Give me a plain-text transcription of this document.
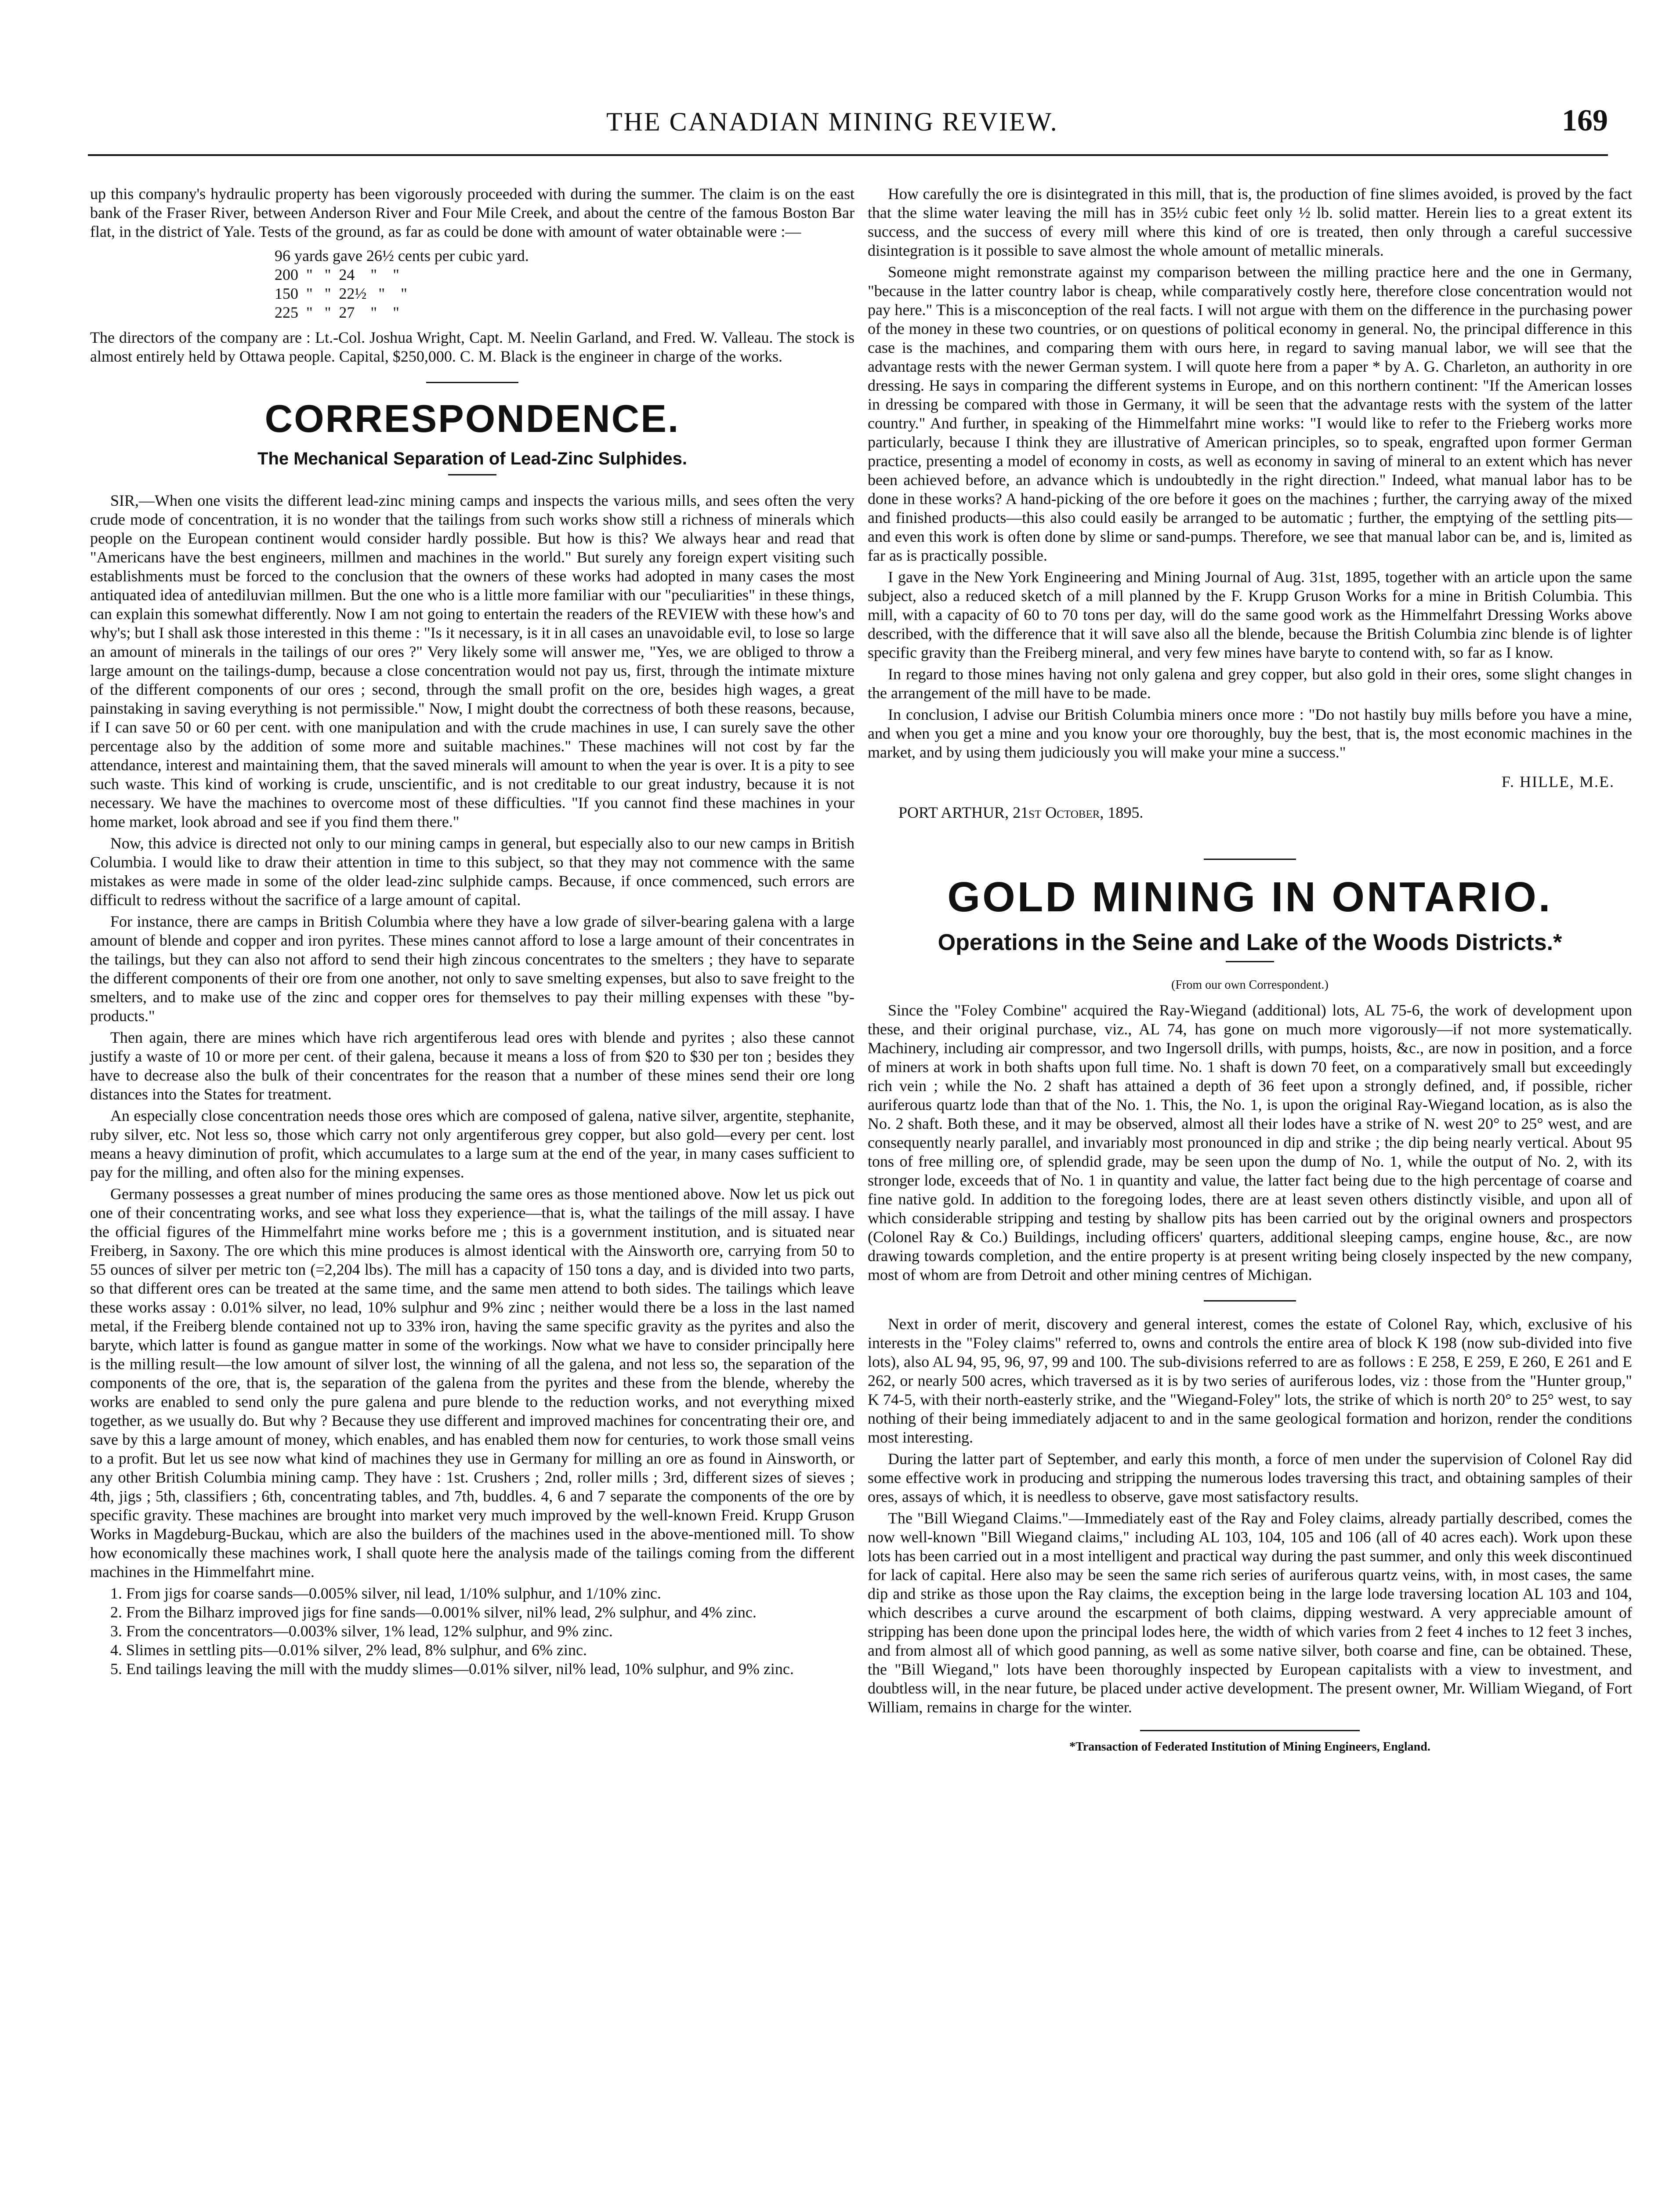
THE CANADIAN MINING REVIEW.	169

up this company's hydraulic property has been vigorously proceeded with during the summer. The claim is on the east bank of the Fraser River, between Anderson River and Four Mile Creek, and about the centre of the famous Boston Bar flat, in the district of Yale. Tests of the ground, as far as could be done with amount of water obtainable were :—

96 yards gave 26½ cents per cubic yard.
200  "   "  24    "    "
150  "   "  22½   "    "
225  "   "  27    "    "

The directors of the company are : Lt.-Col. Joshua Wright, Capt. M. Neelin Garland, and Fred. W. Valleau. The stock is almost entirely held by Ottawa people. Capital, $250,000. C. M. Black is the engineer in charge of the works.

CORRESPONDENCE.
The Mechanical Separation of Lead-Zinc Sulphides.

SIR,—When one visits the different lead-zinc mining camps and inspects the various mills, and sees often the very crude mode of concentration, it is no wonder that the tailings from such works show still a richness of minerals which people on the European continent would consider hardly possible. But how is this? We always hear and read that "Americans have the best engineers, millmen and machines in the world." But surely any foreign expert visiting such establishments must be forced to the conclusion that the owners of these works had adopted in many cases the most antiquated idea of antediluvian millmen. But the one who is a little more familiar with our "peculiarities" in these things, can explain this somewhat differently. Now I am not going to entertain the readers of the REVIEW with these how's and why's; but I shall ask those interested in this theme : "Is it necessary, is it in all cases an unavoidable evil, to lose so large an amount of minerals in the tailings of our ores ?" Very likely some will answer me, "Yes, we are obliged to throw a large amount on the tailings-dump, because a close concentration would not pay us, first, through the intimate mixture of the different components of our ores ; second, through the small profit on the ore, besides high wages, a great painstaking in saving everything is not permissible." Now, I might doubt the correctness of both these reasons, because, if I can save 50 or 60 per cent. with one manipulation and with the crude machines in use, I can surely save the other percentage also by the addition of some more and suitable machines." These machines will not cost by far the attendance, interest and maintaining them, that the saved minerals will amount to when the year is over. It is a pity to see such waste. This kind of working is crude, unscientific, and is not creditable to our great industry, because it is not necessary. We have the machines to overcome most of these difficulties. "If you cannot find these machines in your home market, look abroad and see if you find them there."

Now, this advice is directed not only to our mining camps in general, but especially also to our new camps in British Columbia. I would like to draw their attention in time to this subject, so that they may not commence with the same mistakes as were made in some of the older lead-zinc sulphide camps. Because, if once commenced, such errors are difficult to redress without the sacrifice of a large amount of capital.

For instance, there are camps in British Columbia where they have a low grade of silver-bearing galena with a large amount of blende and copper and iron pyrites. These mines cannot afford to lose a large amount of their concentrates in the tailings, but they can also not afford to send their high zincous concentrates to the smelters ; they have to separate the different components of their ore from one another, not only to save smelting expenses, but also to save freight to the smelters, and to make use of the zinc and copper ores for themselves to pay their milling expenses with these "by-products."

Then again, there are mines which have rich argentiferous lead ores with blende and pyrites ; also these cannot justify a waste of 10 or more per cent. of their galena, because it means a loss of from $20 to $30 per ton ; besides they have to decrease also the bulk of their concentrates for the reason that a number of these mines send their ore long distances into the States for treatment.

An especially close concentration needs those ores which are composed of galena, native silver, argentite, stephanite, ruby silver, etc. Not less so, those which carry not only argentiferous grey copper, but also gold—every per cent. lost means a heavy diminution of profit, which accumulates to a large sum at the end of the year, in many cases sufficient to pay for the milling, and often also for the mining expenses.

Germany possesses a great number of mines producing the same ores as those mentioned above. Now let us pick out one of their concentrating works, and see what loss they experience—that is, what the tailings of the mill assay. I have the official figures of the Himmelfahrt mine works before me ; this is a government institution, and is situated near Freiberg, in Saxony. The ore which this mine produces is almost identical with the Ainsworth ore, carrying from 50 to 55 ounces of silver per metric ton (=2,204 lbs). The mill has a capacity of 150 tons a day, and is divided into two parts, so that different ores can be treated at the same time, and the same men attend to both sides. The tailings which leave these works assay : 0.01% silver, no lead, 10% sulphur and 9% zinc ; neither would there be a loss in the last named metal, if the Freiberg blende contained not up to 33% iron, having the same specific gravity as the pyrites and also the baryte, which latter is found as gangue matter in some of the workings. Now what we have to consider principally here is the milling result—the low amount of silver lost, the winning of all the galena, and not less so, the separation of the components of the ore, that is, the separation of the galena from the pyrites and these from the blende, whereby the works are enabled to send only the pure galena and pure blende to the reduction works, and not everything mixed together, as we usually do. But why ? Because they use different and improved machines for concentrating their ore, and save by this a large amount of money, which enables, and has enabled them now for centuries, to work those small veins to a profit. But let us see now what kind of machines they use in Germany for milling an ore as found in Ainsworth, or any other British Columbia mining camp. They have : 1st. Crushers ; 2nd, roller mills ; 3rd, different sizes of sieves ; 4th, jigs ; 5th, classifiers ; 6th, concentrating tables, and 7th, buddles. 4, 6 and 7 separate the components of the ore by specific gravity. These machines are brought into market very much improved by the well-known Freid. Krupp Gruson Works in Magdeburg-Buckau, which are also the builders of the machines used in the above-mentioned mill. To show how economically these machines work, I shall quote here the analysis made of the tailings coming from the different machines in the Himmelfahrt mine.

1. From jigs for coarse sands—0.005% silver, nil lead, 1/10% sulphur, and 1/10% zinc.
2. From the Bilharz improved jigs for fine sands—0.001% silver, nil% lead, 2% sulphur, and 4% zinc.
3. From the concentrators—0.003% silver, 1% lead, 12% sulphur, and 9% zinc.
4. Slimes in settling pits—0.01% silver, 2% lead, 8% sulphur, and 6% zinc.
5. End tailings leaving the mill with the muddy slimes—0.01% silver, nil% lead, 10% sulphur, and 9% zinc.

How carefully the ore is disintegrated in this mill, that is, the production of fine slimes avoided, is proved by the fact that the slime water leaving the mill has in 35½ cubic feet only ½ lb. solid matter. Herein lies to a great extent its success, and the success of every mill where this kind of ore is treated, then only through a careful successive disintegration is it possible to save almost the whole amount of metallic minerals.

Someone might remonstrate against my comparison between the milling practice here and the one in Germany, "because in the latter country labor is cheap, while comparatively costly here, therefore close concentration would not pay here." This is a misconception of the real facts. I will not argue with them on the difference in the purchasing power of the money in these two countries, or on questions of political economy in general. No, the principal difference in this case is the machines, and comparing them with ours here, in regard to saving manual labor, we will see that the advantage rests with the newer German system. I will quote here from a paper * by A. G. Charleton, an authority in ore dressing. He says in comparing the different systems in Europe, and on this northern continent: "If the American losses in dressing be compared with those in Germany, it will be seen that the advantage rests with the system of the latter country." And further, in speaking of the Himmelfahrt mine works: "I would like to refer to the Frieberg works more particularly, because I think they are illustrative of American principles, so to speak, engrafted upon former German practice, presenting a model of economy in costs, as well as economy in saving of mineral to an extent which has never been achieved before, an advance which is undoubtedly in the right direction." Indeed, what manual labor has to be done in these works? A hand-picking of the ore before it goes on the machines ; further, the carrying away of the mixed and finished products—this also could easily be arranged to be automatic ; further, the emptying of the settling pits—and even this work is often done by slime or sand-pumps. Therefore, we see that manual labor can be, and is, limited as far as is practically possible.

I gave in the New York Engineering and Mining Journal of Aug. 31st, 1895, together with an article upon the same subject, also a reduced sketch of a mill planned by the F. Krupp Gruson Works for a mine in British Columbia. This mill, with a capacity of 60 to 70 tons per day, will do the same good work as the Himmelfahrt Dressing Works above described, with the difference that it will save also all the blende, because the British Columbia zinc blende is of lighter specific gravity than the Freiberg mineral, and very few mines have baryte to contend with, so far as I know.

In regard to those mines having not only galena and grey copper, but also gold in their ores, some slight changes in the arrangement of the mill have to be made.

In conclusion, I advise our British Columbia miners once more : "Do not hastily buy mills before you have a mine, and when you get a mine and you know your ore thoroughly, buy the best, that is, the most economic machines in the market, and by using them judiciously you will make your mine a success."

F. HILLE, M.E.
PORT ARTHUR, 21st October, 1895.
GOLD MINING IN ONTARIO.
Operations in the Seine and Lake of the Woods Districts.*
(From our own Correspondent.)

Since the "Foley Combine" acquired the Ray-Wiegand (additional) lots, AL 75-6, the work of development upon these, and their original purchase, viz., AL 74, has gone on much more vigorously—if not more systematically. Machinery, including air compressor, and two Ingersoll drills, with pumps, hoists, &c., are now in position, and a force of miners at work in both shafts upon full time. No. 1 shaft is down 70 feet, on a comparatively small but exceedingly rich vein ; while the No. 2 shaft has attained a depth of 36 feet upon a strongly defined, and, if possible, richer auriferous quartz lode than that of the No. 1. This, the No. 1, is upon the original Ray-Wiegand location, as is also the No. 2 shaft. Both these, and it may be observed, almost all their lodes have a strike of N. west 20° to 25° west, and are consequently nearly parallel, and invariably most pronounced in dip and strike ; the dip being nearly vertical. About 95 tons of free milling ore, of splendid grade, may be seen upon the dump of No. 1, while the output of No. 2, with its stronger lode, exceeds that of No. 1 in quantity and value, the latter fact being due to the high percentage of coarse and fine native gold. In addition to the foregoing lodes, there are at least seven others distinctly visible, and upon all of which considerable stripping and testing by shallow pits has been carried out by the original owners and prospectors (Colonel Ray & Co.) Buildings, including officers' quarters, additional sleeping camps, engine house, &c., are now drawing towards completion, and the entire property is at present writing being closely inspected by the new company, most of whom are from Detroit and other mining centres of Michigan.

Next in order of merit, discovery and general interest, comes the estate of Colonel Ray, which, exclusive of his interests in the "Foley claims" referred to, owns and controls the entire area of block K 198 (now sub-divided into five lots), also AL 94, 95, 96, 97, 99 and 100. The sub-divisions referred to are as follows : E 258, E 259, E 260, E 261 and E 262, or nearly 500 acres, which traversed as it is by two series of auriferous lodes, viz : those from the "Hunter group," K 74-5, with their north-easterly strike, and the "Wiegand-Foley" lots, the strike of which is north 20° to 25° west, to say nothing of their being immediately adjacent to and in the same geological formation and horizon, render the conditions most interesting.

During the latter part of September, and early this month, a force of men under the supervision of Colonel Ray did some effective work in producing and stripping the numerous lodes traversing this tract, and obtaining samples of their ores, assays of which, it is needless to observe, gave most satisfactory results.

The "Bill Wiegand Claims."—Immediately east of the Ray and Foley claims, already partially described, comes the now well-known "Bill Wiegand claims," including AL 103, 104, 105 and 106 (all of 40 acres each). Work upon these lots has been carried out in a most intelligent and practical way during the past summer, and only this week discontinued for lack of capital. Here also may be seen the same rich series of auriferous quartz veins, with, in most cases, the same dip and strike as those upon the Ray claims, the exception being in the large lode traversing location AL 103 and 104, which describes a curve around the escarpment of both claims, dipping westward. A very appreciable amount of stripping has been done upon the principal lodes here, the width of which varies from 2 feet 4 inches to 12 feet 3 inches, and from almost all of which good panning, as well as some native silver, both coarse and fine, can be obtained. These, the "Bill Wiegand," lots have been thoroughly inspected by European capitalists with a view to investment, and doubtless will, in the near future, be placed under active development. The present owner, Mr. William Wiegand, of Fort William, remains in charge for the winter.

*Transaction of Federated Institution of Mining Engineers, England.
